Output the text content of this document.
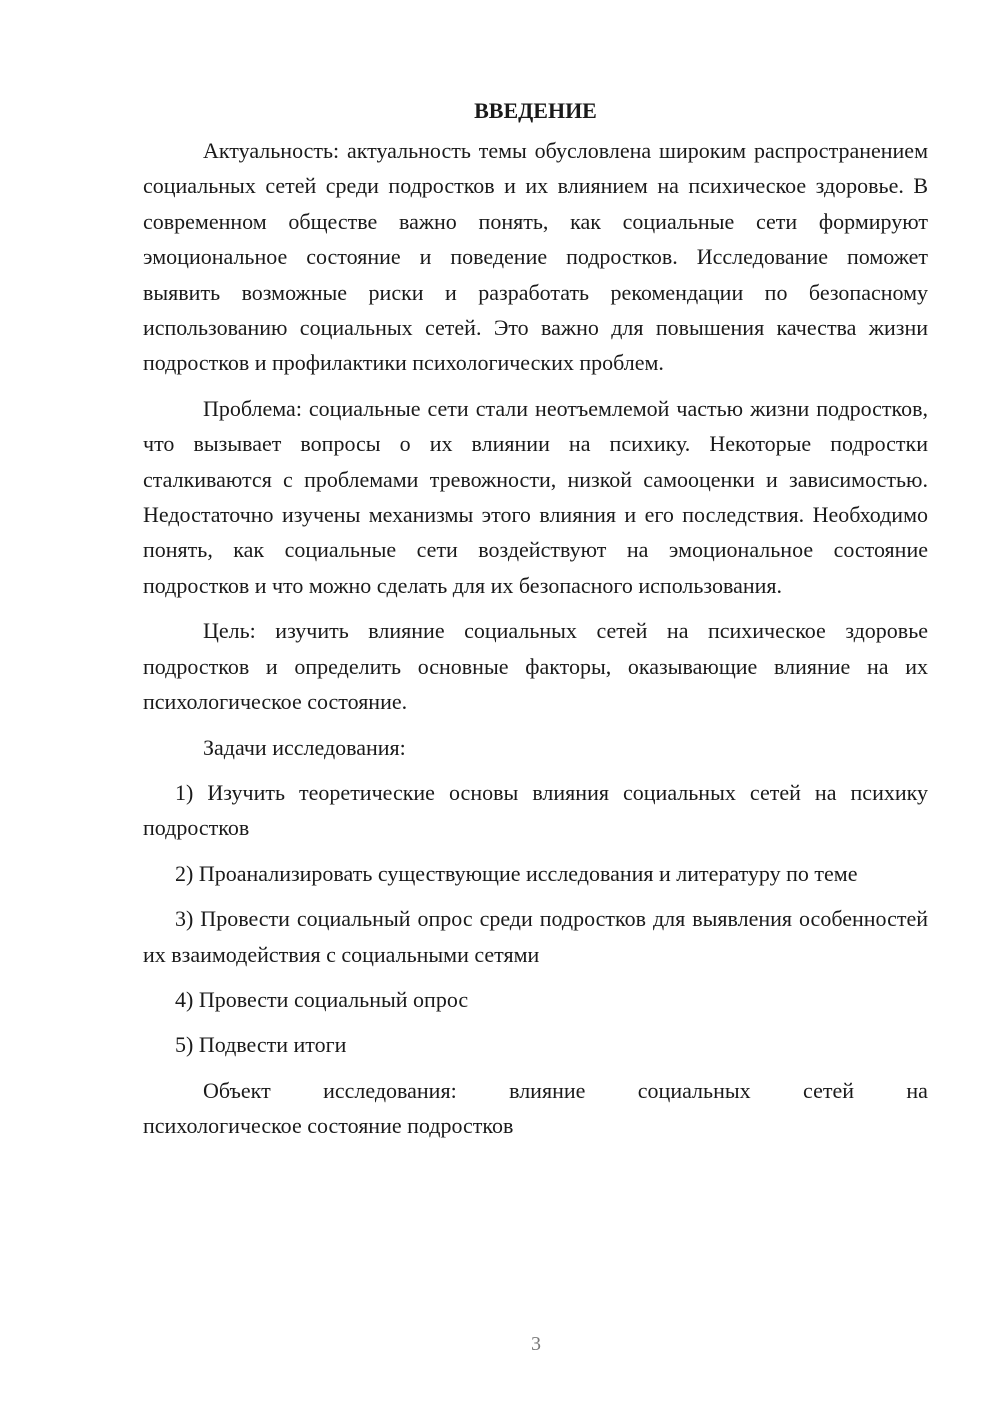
ВВЕДЕНИЕ

Актуальность: актуальность темы обусловлена широким распространением социальных сетей среди подростков и их влиянием на психическое здоровье. В современном обществе важно понять, как социальные сети формируют эмоциональное состояние и поведение подростков. Исследование поможет выявить возможные риски и разработать рекомендации по безопасному использованию социальных сетей. Это важно для повышения качества жизни подростков и профилактики психологических проблем.

Проблема: социальные сети стали неотъемлемой частью жизни подростков, что вызывает вопросы о их влиянии на психику. Некоторые подростки сталкиваются с проблемами тревожности, низкой самооценки и зависимостью. Недостаточно изучены механизмы этого влияния и его последствия. Необходимо понять, как социальные сети воздействуют на эмоциональное состояние подростков и что можно сделать для их безопасного использования.

Цель: изучить влияние социальных сетей на психическое здоровье подростков и определить основные факторы, оказывающие влияние на их психологическое состояние.

Задачи исследования:

1) Изучить теоретические основы влияния социальных сетей на психику подростков

2) Проанализировать существующие исследования и литературу по теме

3) Провести социальный опрос среди подростков для выявления особенностей их взаимодействия с социальными сетями

4) Провести социальный опрос

5) Подвести итоги

Объект исследования: влияние социальных сетей на
психологическое состояние подростков
3
